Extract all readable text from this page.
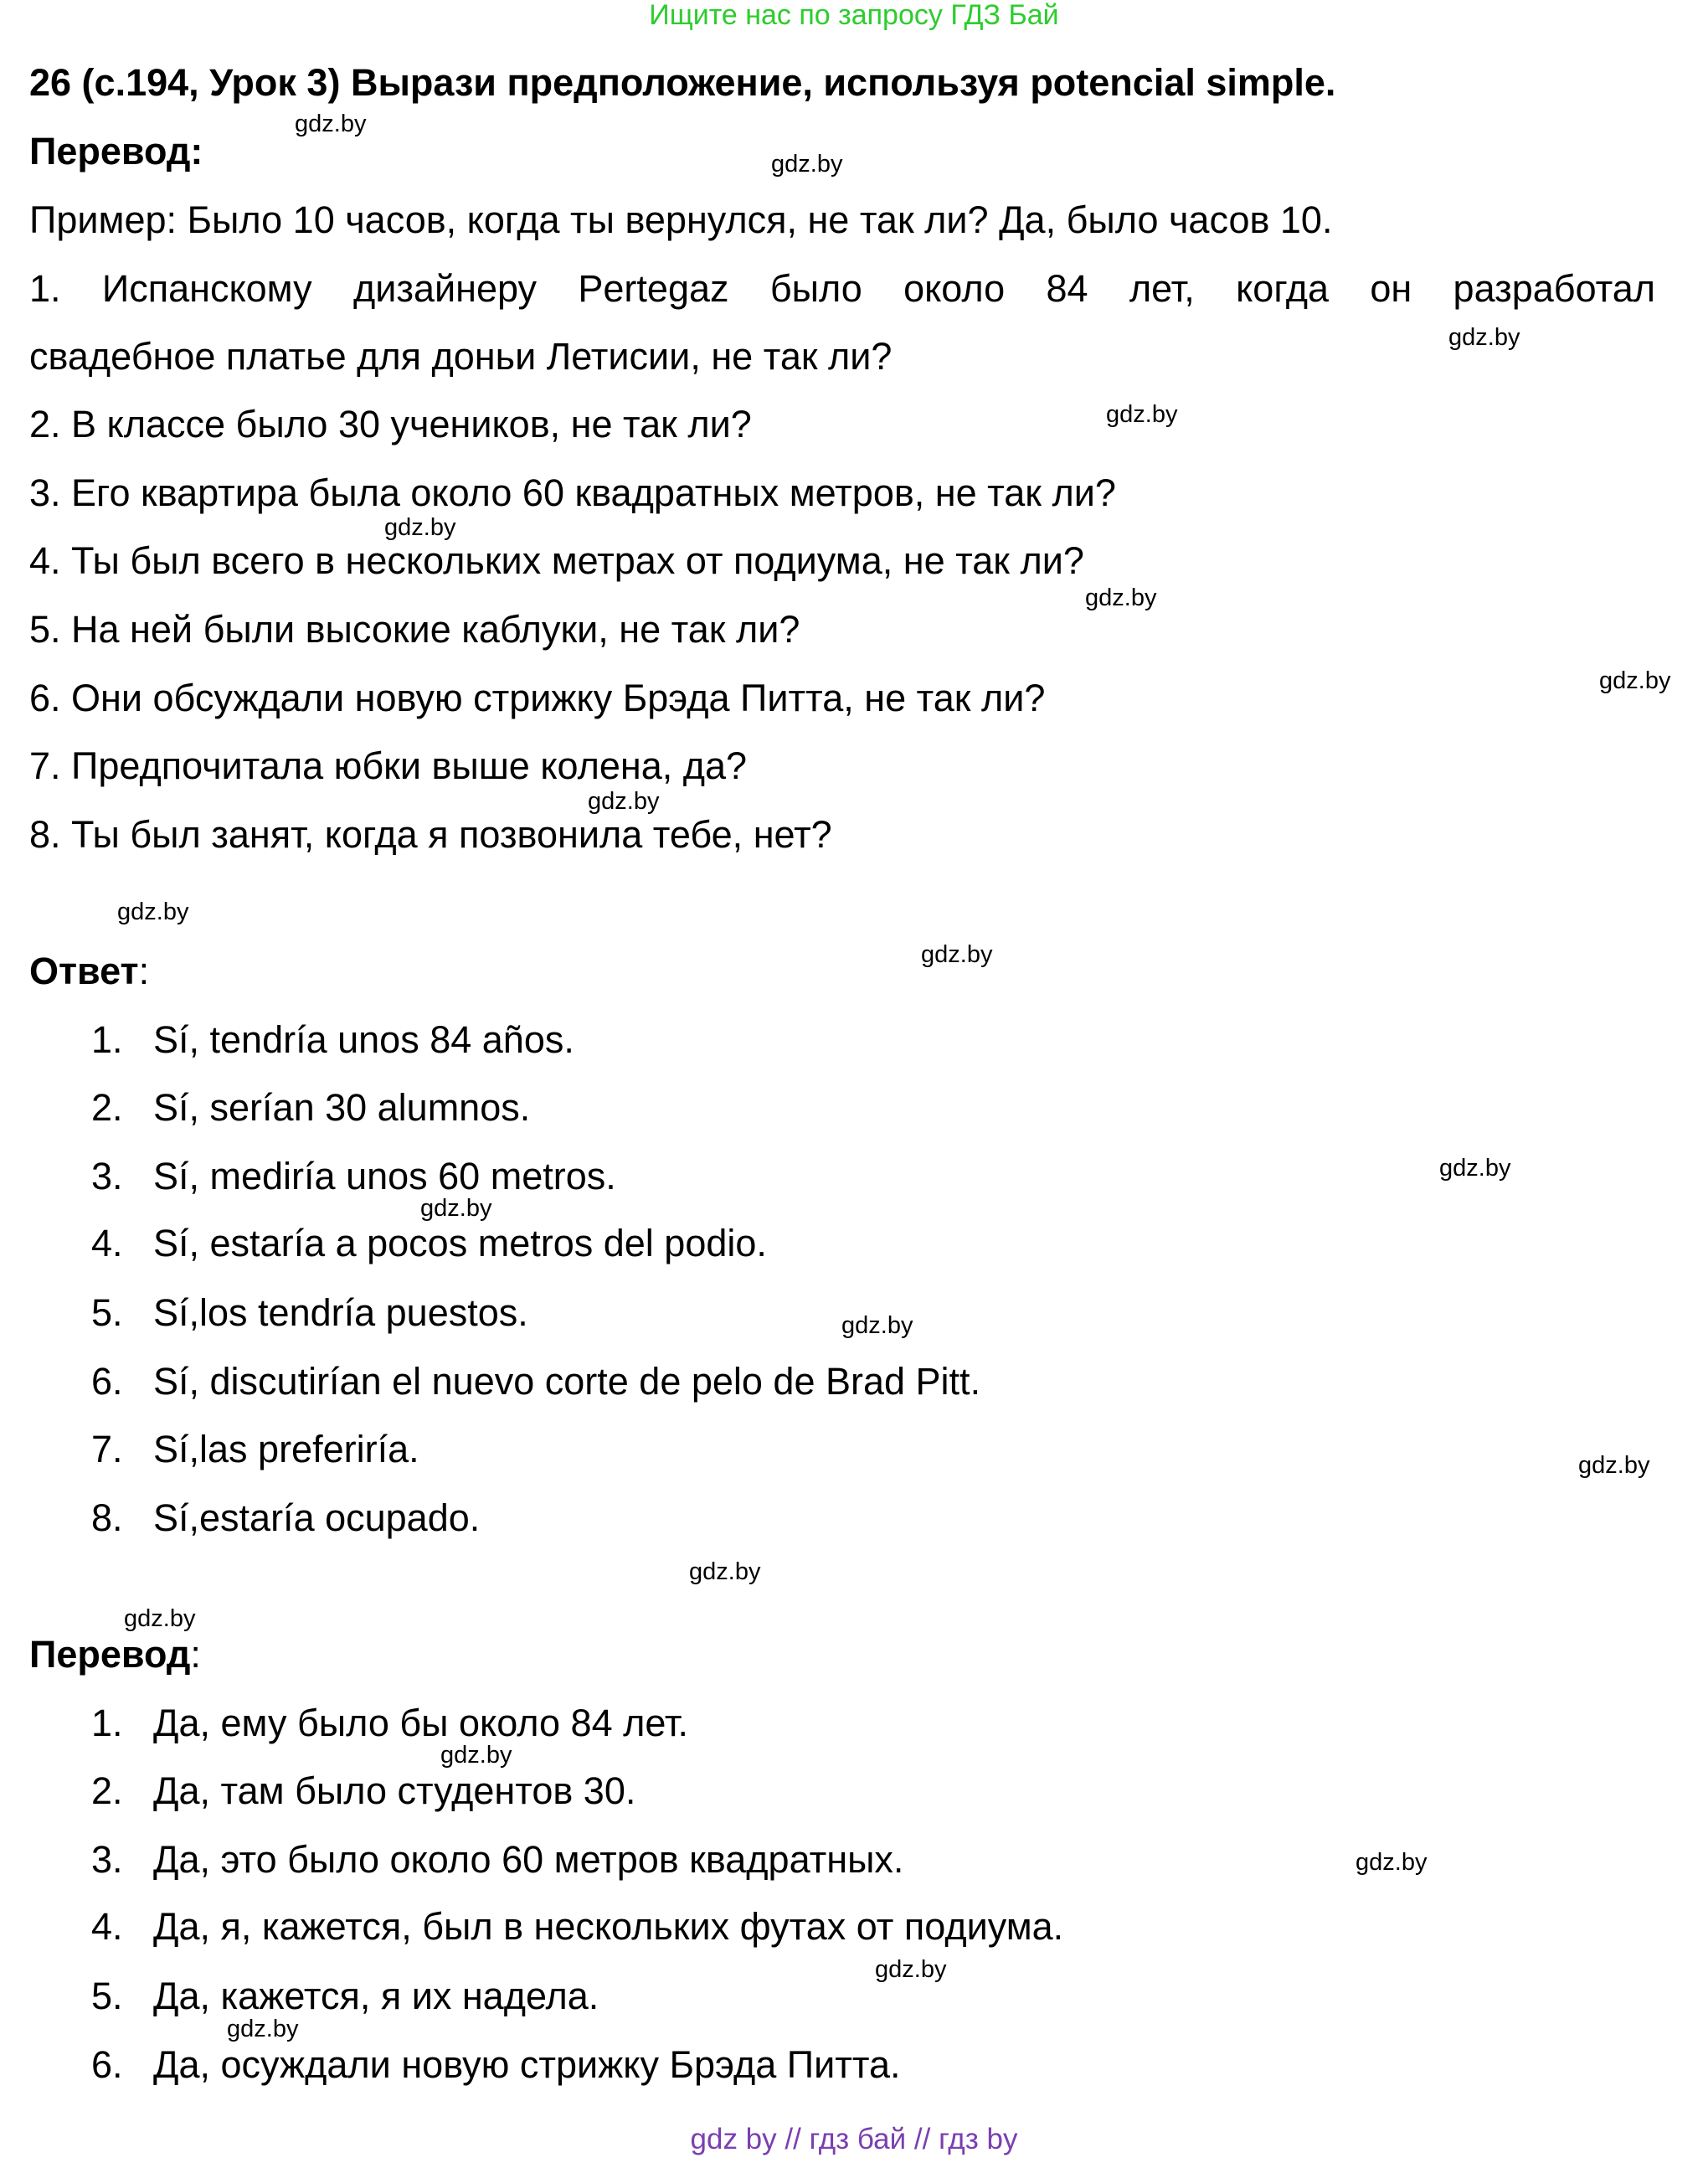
Ищите нас по запросу ГДЗ Бай
26 (с.194, Урок 3) Вырази предположение, используя potencial simple.
Перевод:
Пример: Было 10 часов, когда ты вернулся, не так ли? Да, было часов 10.
1. Испанскому дизайнеру Pertegaz было около 84 лет, когда он разработал
свадебное платье для доньи Летисии, не так ли?
2. В классе было 30 учеников, не так ли?
3. Его квартира была около 60 квадратных метров, не так ли?
4. Ты был всего в нескольких метрах от подиума, не так ли?
5. На ней были высокие каблуки, не так ли?
6. Они обсуждали новую стрижку Брэда Питта, не так ли?
7. Предпочитала юбки выше колена, да?
8. Ты был занят, когда я позвонила тебе, нет?
Ответ:
1. Sí, tendría unos 84 años.
2. Sí, serían 30 alumnos.
3. Sí, mediría unos 60 metros.
4. Sí, estaría a pocos metros del podio.
5. Sí,los tendría puestos.
6. Sí, discutirían el nuevo corte de pelo de Brad Pitt.
7. Sí,las preferiría.
8. Sí,estaría ocupado.
Перевод:
1. Да, ему было бы около 84 лет.
2. Да, там было студентов 30.
3. Да, это было около 60 метров квадратных.
4. Да, я, кажется, был в нескольких футах от подиума.
5. Да, кажется, я их надела.
6. Да, осуждали новую стрижку Брэда Питта.
gdz.by
gdz.by
gdz.by
gdz.by
gdz.by
gdz.by
gdz.by
gdz.by
gdz.by
gdz.by
gdz.by
gdz.by
gdz.by
gdz.by
gdz.by
gdz.by
gdz.by
gdz.by
gdz.by
gdz.by
gdz by // гдз бай // гдз by
